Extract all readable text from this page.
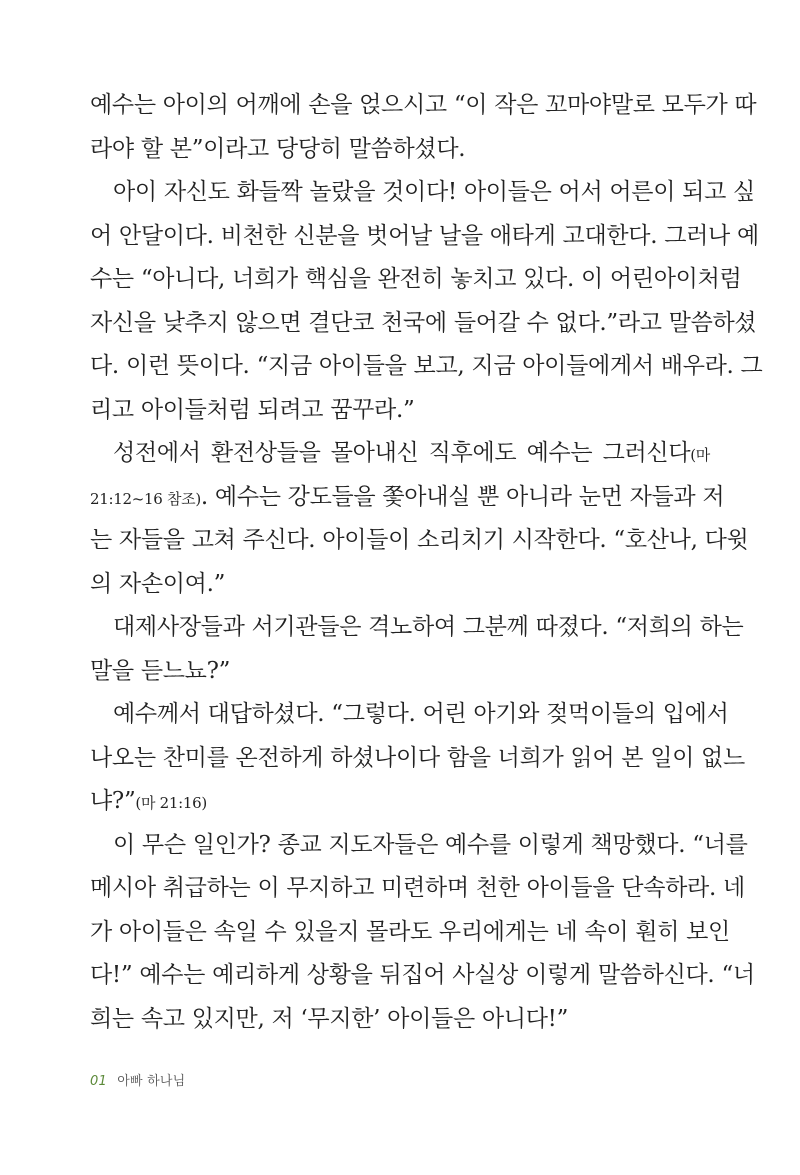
예수는 아이의 어깨에 손을 얹으시고 “이 작은 꼬마야말로 모두가 따
라야 할 본”이라고 당당히 말씀하셨다.
아이 자신도 화들짝 놀랐을 것이다! 아이들은 어서 어른이 되고 싶
어 안달이다. 비천한 신분을 벗어날 날을 애타게 고대한다. 그러나 예
수는 “아니다, 너희가 핵심을 완전히 놓치고 있다. 이 어린아이처럼
자신을 낮추지 않으면 결단코 천국에 들어갈 수 없다.”라고 말씀하셨
다. 이런 뜻이다. “지금 아이들을 보고, 지금 아이들에게서 배우라. 그
리고 아이들처럼 되려고 꿈꾸라.”
성전에서 환전상들을 몰아내신 직후에도 예수는 그러신다(마
21:12~16 참조). 예수는 강도들을 쫓아내실 뿐 아니라 눈먼 자들과 저
는 자들을 고쳐 주신다. 아이들이 소리치기 시작한다. “호산나, 다윗
의 자손이여.”
대제사장들과 서기관들은 격노하여 그분께 따졌다. “저희의 하는
말을 듣느뇨?”
예수께서 대답하셨다. “그렇다. 어린 아기와 젖먹이들의 입에서
나오는 찬미를 온전하게 하셨나이다 함을 너희가 읽어 본 일이 없느
냐?”(마 21:16)
이 무슨 일인가? 종교 지도자들은 예수를 이렇게 책망했다. “너를
메시아 취급하는 이 무지하고 미련하며 천한 아이들을 단속하라. 네
가 아이들은 속일 수 있을지 몰라도 우리에게는 네 속이 훤히 보인
다!” 예수는 예리하게 상황을 뒤집어 사실상 이렇게 말씀하신다. “너
희는 속고 있지만, 저 ‘무지한’ 아이들은 아니다!”
01 아빠 하나님
